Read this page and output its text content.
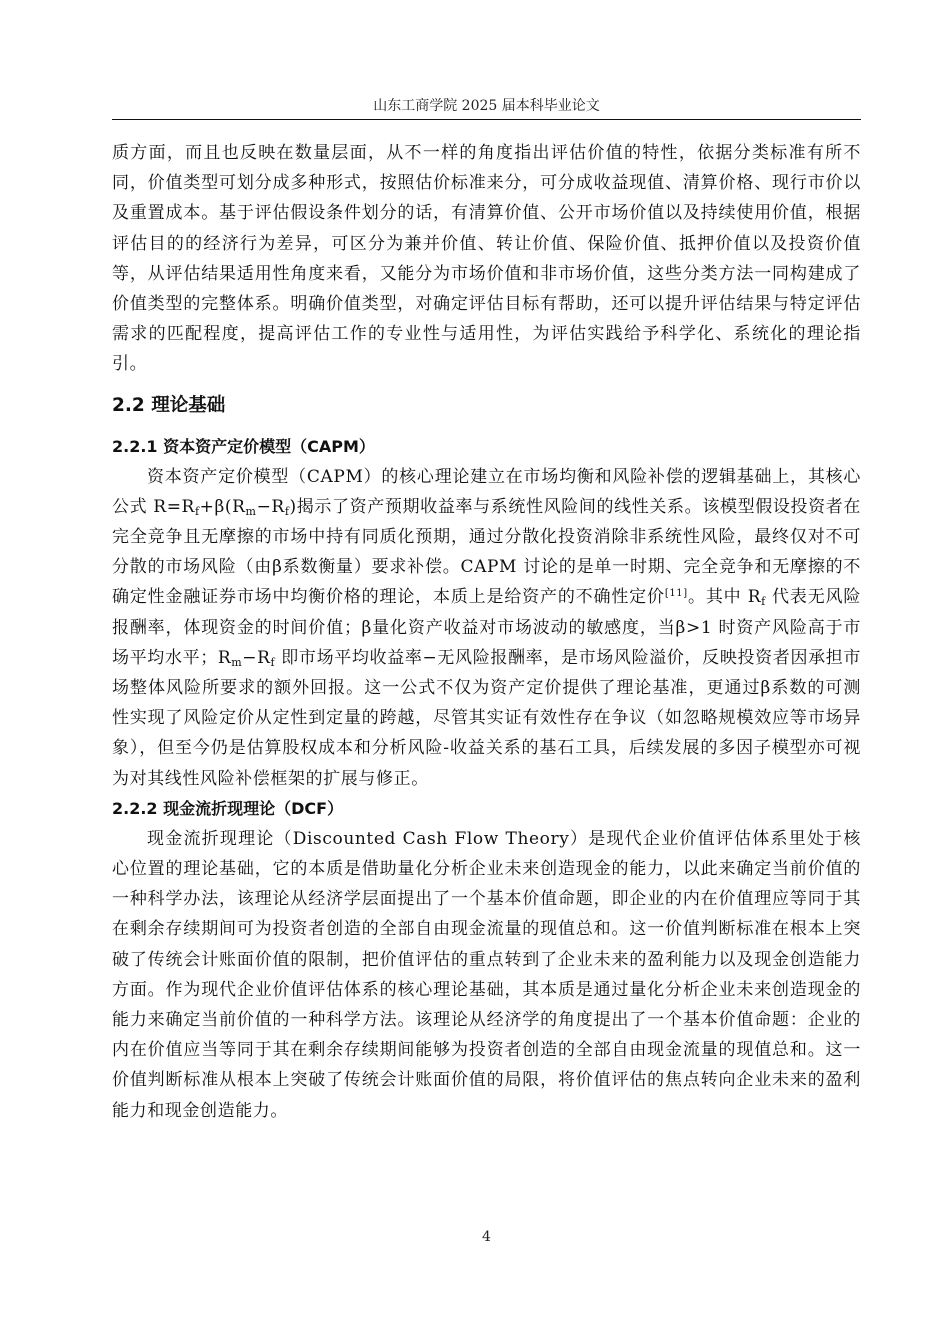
山东工商学院 2025 届本科毕业论文

质方面，而且也反映在数量层面，从不一样的角度指出评估价值的特性，依据分类标准有所不同，价值类型可划分成多种形式，按照估价标准来分，可分成收益现值、清算价格、现行市价以及重置成本。基于评估假设条件划分的话，有清算价值、公开市场价值以及持续使用价值，根据评估目的的经济行为差异，可区分为兼并价值、转让价值、保险价值、抵押价值以及投资价值等，从评估结果适用性角度来看，又能分为市场价值和非市场价值，这些分类方法一同构建成了价值类型的完整体系。明确价值类型，对确定评估目标有帮助，还可以提升评估结果与特定评估需求的匹配程度，提高评估工作的专业性与适用性，为评估实践给予科学化、系统化的理论指引。

2.2 理论基础
2.2.1 资本资产定价模型（CAPM）

资本资产定价模型（CAPM）的核心理论建立在市场均衡和风险补偿的逻辑基础上，其核心公式 $R=R_f+\beta(R_m-R_f)$揭示了资产预期收益率与系统性风险间的线性关系。该模型假设投资者在完全竞争且无摩擦的市场中持有同质化预期，通过分散化投资消除非系统性风险，最终仅对不可分散的市场风险（由β系数衡量）要求补偿。CAPM 讨论的是单一时期、完全竞争和无摩擦的不确定性金融证券市场中均衡价格的理论，本质上是给资产的不确性定价[11]。其中 $R_f$ 代表无风险报酬率，体现资金的时间价值；β量化资产收益对市场波动的敏感度，当β>1 时资产风险高于市场平均水平；$R_m-R_f$ 即市场平均收益率−无风险报酬率，是市场风险溢价，反映投资者因承担市场整体风险所要求的额外回报。这一公式不仅为资产定价提供了理论基准，更通过β系数的可测性实现了风险定价从定性到定量的跨越，尽管其实证有效性存在争议（如忽略规模效应等市场异象），但至今仍是估算股权成本和分析风险-收益关系的基石工具，后续发展的多因子模型亦可视为对其线性风险补偿框架的扩展与修正。

2.2.2 现金流折现理论（DCF）

现金流折现理论（Discounted Cash Flow Theory）是现代企业价值评估体系里处于核心位置的理论基础，它的本质是借助量化分析企业未来创造现金的能力，以此来确定当前价值的一种科学办法，该理论从经济学层面提出了一个基本价值命题，即企业的内在价值理应等同于其在剩余存续期间可为投资者创造的全部自由现金流量的现值总和。这一价值判断标准在根本上突破了传统会计账面价值的限制，把价值评估的重点转到了企业未来的盈利能力以及现金创造能力方面。作为现代企业价值评估体系的核心理论基础，其本质是通过量化分析企业未来创造现金的能力来确定当前价值的一种科学方法。该理论从经济学的角度提出了一个基本价值命题：企业的内在价值应当等同于其在剩余存续期间能够为投资者创造的全部自由现金流量的现值总和。这一价值判断标准从根本上突破了传统会计账面价值的局限，将价值评估的焦点转向企业未来的盈利能力和现金创造能力。

4
